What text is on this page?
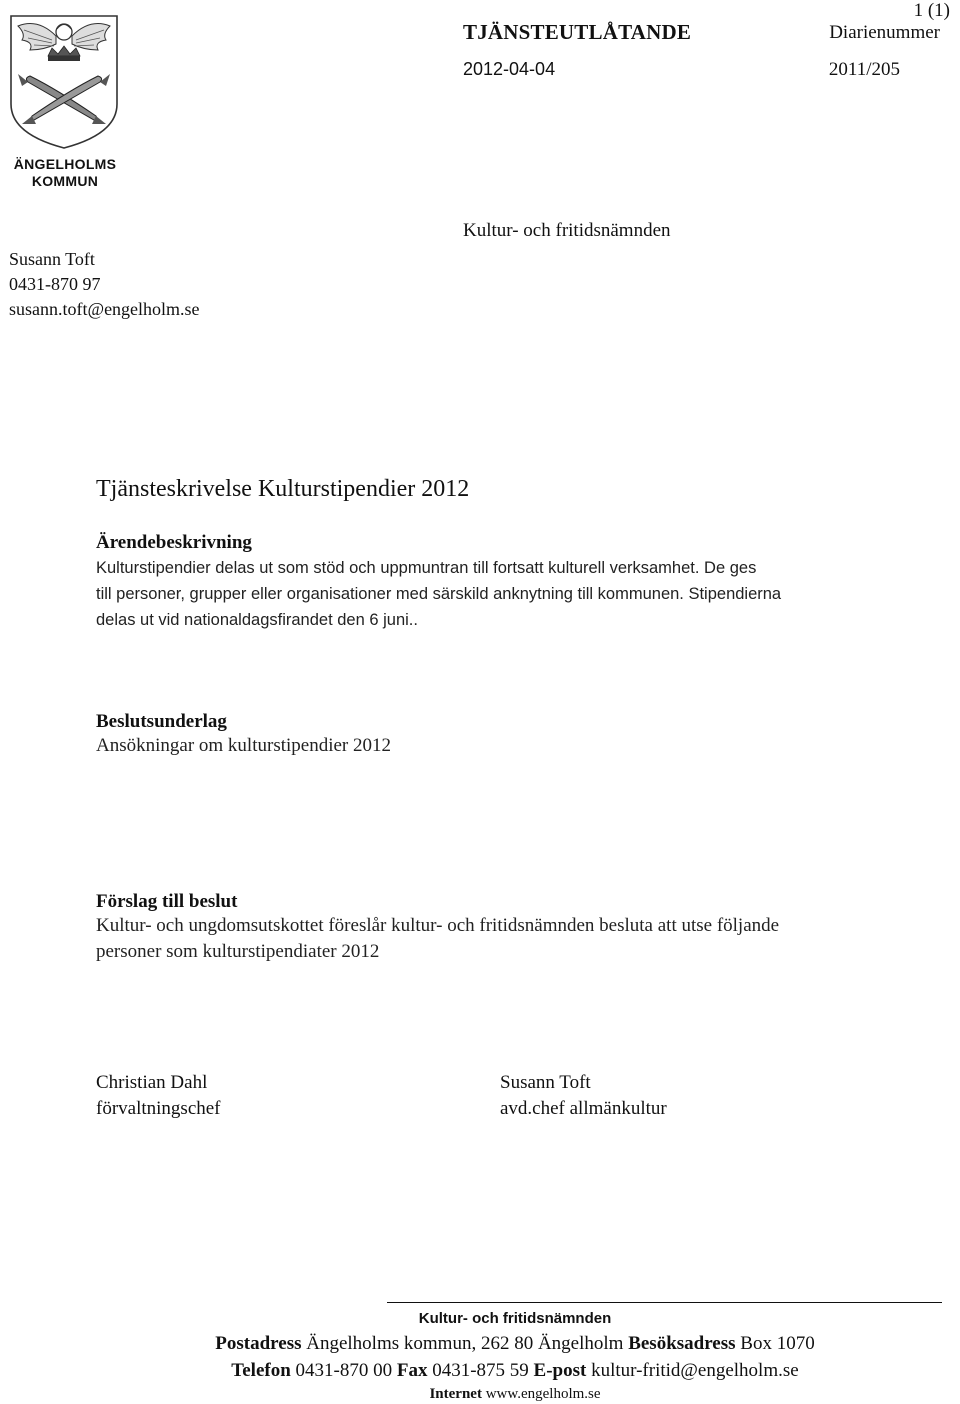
ÄNGELHOLMS
KOMMUN
1 (1)
TJÄNSTEUTLÅTANDE	Diarienummer
2012-04-04	2011/205
Susann Toft
0431-870 97
susann.toft@engelholm.se
Kultur- och fritidsnämnden
Tjänsteskrivelse Kulturstipendier 2012
Ärendebeskrivning
Kulturstipendier delas ut som stöd och uppmuntran till fortsatt kulturell verksamhet. De ges
till personer, grupper eller organisationer med särskild anknytning till kommunen. Stipendierna
delas ut vid nationaldagsfirandet den 6 juni..
Beslutsunderlag
Ansökningar om kulturstipendier 2012
Förslag till beslut
Kultur- och ungdomsutskottet föreslår kultur- och fritidsnämnden besluta att utse följande
personer som kulturstipendiater 2012
Christian Dahl
förvaltningschef
Susann Toft
avd.chef allmänkultur
Kultur- och fritidsnämnden
Postadress Ängelholms kommun, 262 80 Ängelholm Besöksadress Box 1070
Telefon 0431-870 00 Fax 0431-875 59 E-post kultur-fritid@engelholm.se
Internet www.engelholm.se
